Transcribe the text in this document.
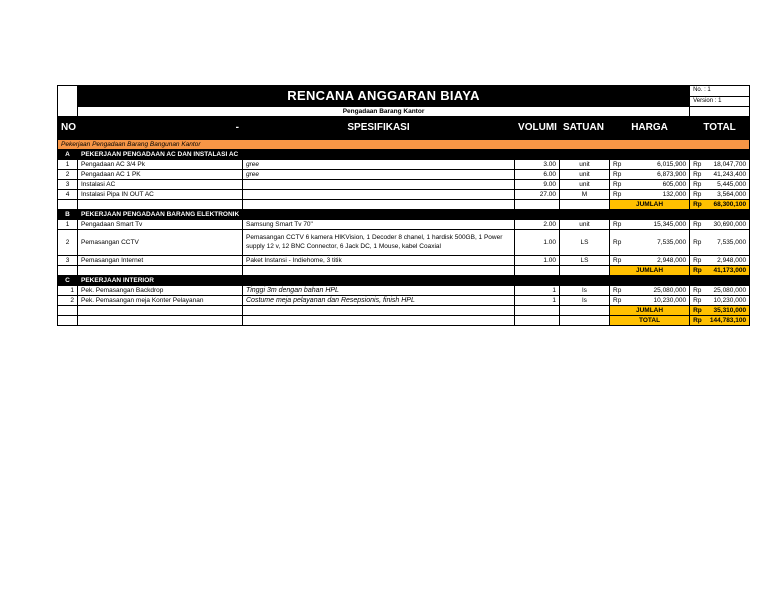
	RENCANA ANGGARAN BIAYA						No. : 1	
							Version : 1	
	Pengadaan Barang Kantor							
NO	-	SPESIFIKASI	VOLUMI	SATUAN	HARGA		TOTAL	
Pekerjaan Pengadaan Barang Bangunan Kantor								
A	PEKERJAAN PENGADAAN AC DAN INSTALASI AC							
1	Pengadaan AC 3/4 Pk	gree	3.00	unit	Rp	6,015,900	Rp	18,047,700
2	Pengadaan AC 1 PK	gree	6.00	unit	Rp	6,873,900	Rp	41,243,400
3	Instalasi AC		9.00	unit	Rp	605,000	Rp	5,445,000
4	Instalasi Pipa IN OUT AC		27.00	M	Rp	132,000	Rp	3,564,000
					JUMLAH		Rp	68,300,100
B	PEKERJAAN PENGADAAN BARANG ELEKTRONIK							
1	Pengadaan Smart Tv	Samsung Smart Tv 70"	2.00	unit	Rp	15,345,000	Rp	30,690,000
2	Pemasangan CCTV	Pemasangan CCTV 6 kamera HIKVision, 1 Decoder 8 chanel, 1 hardisk 500GB, 1 Power supply 12 v, 12 BNC Connector, 6 Jack DC, 1 Mouse, kabel Coaxial	1.00	LS	Rp	7,535,000	Rp	7,535,000
3	Pemasangan Internet	Paket Instansi - Indiehome, 3 titik	1.00	LS	Rp	2,948,000	Rp	2,948,000
					JUMLAH		Rp	41,173,000
C	PEKERJAAN INTERIOR							
1	Pek. Pemasangan Backdrop	Tinggi 3m dengan bahan HPL	1	ls	Rp	25,080,000	Rp	25,080,000
2	Pek. Pemasangan meja Konter Pelayanan	Costume meja pelayanan dan Resepsionis, finish HPL	1	ls	Rp	10,230,000	Rp	10,230,000
					JUMLAH		Rp	35,310,000
					TOTAL		Rp	144,783,100
